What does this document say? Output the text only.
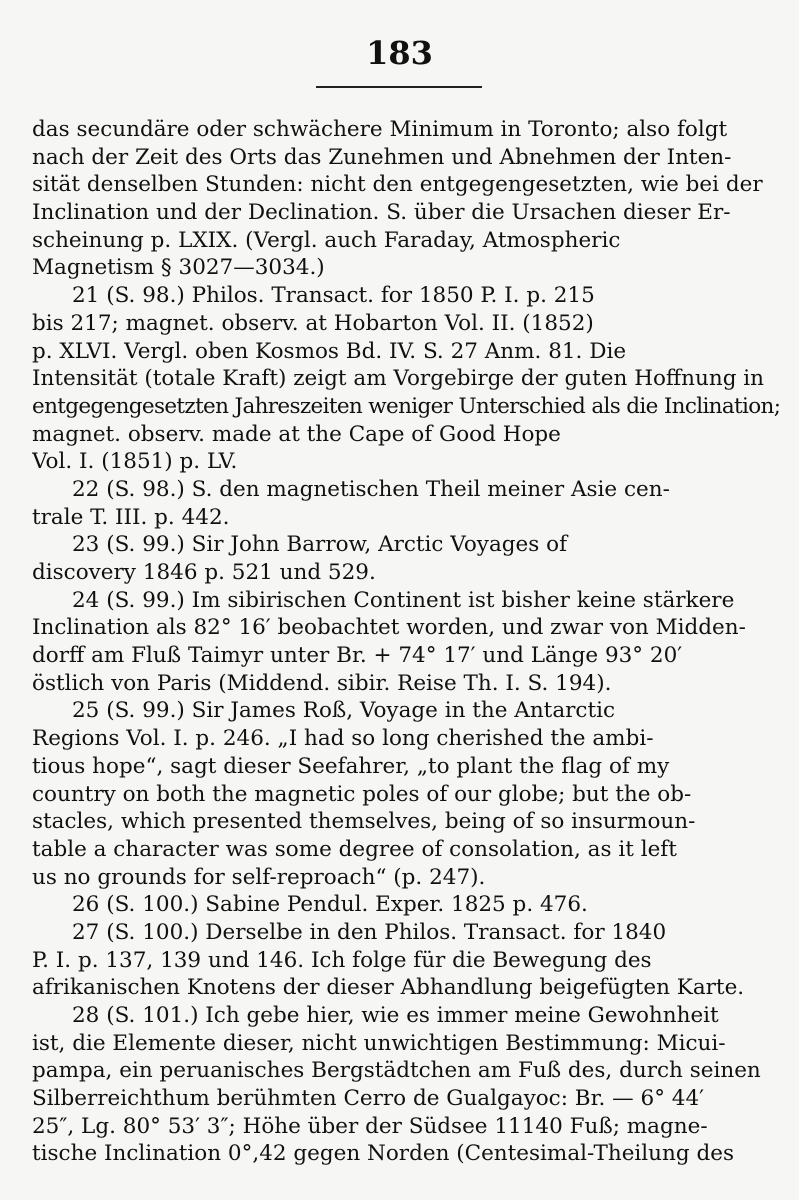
183
das secundäre oder schwächere Minimum in Toronto; also folgt
nach der Zeit des Orts das Zunehmen und Abnehmen der Inten-
sität denselben Stunden: nicht den entgegengesetzten, wie bei der
Inclination und der Declination. S. über die Ursachen dieser Er-
scheinung p. LXIX. (Vergl. auch Faraday, Atmospheric
Magnetism § 3027—3034.)
21 (S. 98.) Philos. Transact. for 1850 P. I. p. 215
bis 217; magnet. observ. at Hobarton Vol. II. (1852)
p. XLVI. Vergl. oben Kosmos Bd. IV. S. 27 Anm. 81. Die
Intensität (totale Kraft) zeigt am Vorgebirge der guten Hoffnung in
entgegengesetzten Jahreszeiten weniger Unterschied als die Inclination;
magnet. observ. made at the Cape of Good Hope
Vol. I. (1851) p. LV.
22 (S. 98.) S. den magnetischen Theil meiner Asie cen-
trale T. III. p. 442.
23 (S. 99.) Sir John Barrow, Arctic Voyages of
discovery 1846 p. 521 und 529.
24 (S. 99.) Im sibirischen Continent ist bisher keine stärkere
Inclination als 82° 16′ beobachtet worden, und zwar von Midden-
dorff am Fluß Taimyr unter Br. + 74° 17′ und Länge 93° 20′
östlich von Paris (Middend. sibir. Reise Th. I. S. 194).
25 (S. 99.) Sir James Roß, Voyage in the Antarctic
Regions Vol. I. p. 246. „I had so long cherished the ambi-
tious hope“, sagt dieser Seefahrer, „to plant the flag of my
country on both the magnetic poles of our globe; but the ob-
stacles, which presented themselves, being of so insurmoun-
table a character was some degree of consolation, as it left
us no grounds for self-reproach“ (p. 247).
26 (S. 100.) Sabine Pendul. Exper. 1825 p. 476.
27 (S. 100.) Derselbe in den Philos. Transact. for 1840
P. I. p. 137, 139 und 146. Ich folge für die Bewegung des
afrikanischen Knotens der dieser Abhandlung beigefügten Karte.
28 (S. 101.) Ich gebe hier, wie es immer meine Gewohnheit
ist, die Elemente dieser, nicht unwichtigen Bestimmung: Micui-
pampa, ein peruanisches Bergstädtchen am Fuß des, durch seinen
Silberreichthum berühmten Cerro de Gualgayoc: Br. — 6° 44′
25″, Lg. 80° 53′ 3″; Höhe über der Südsee 11140 Fuß; magne-
tische Inclination 0°,42 gegen Norden (Centesimal-Theilung des
